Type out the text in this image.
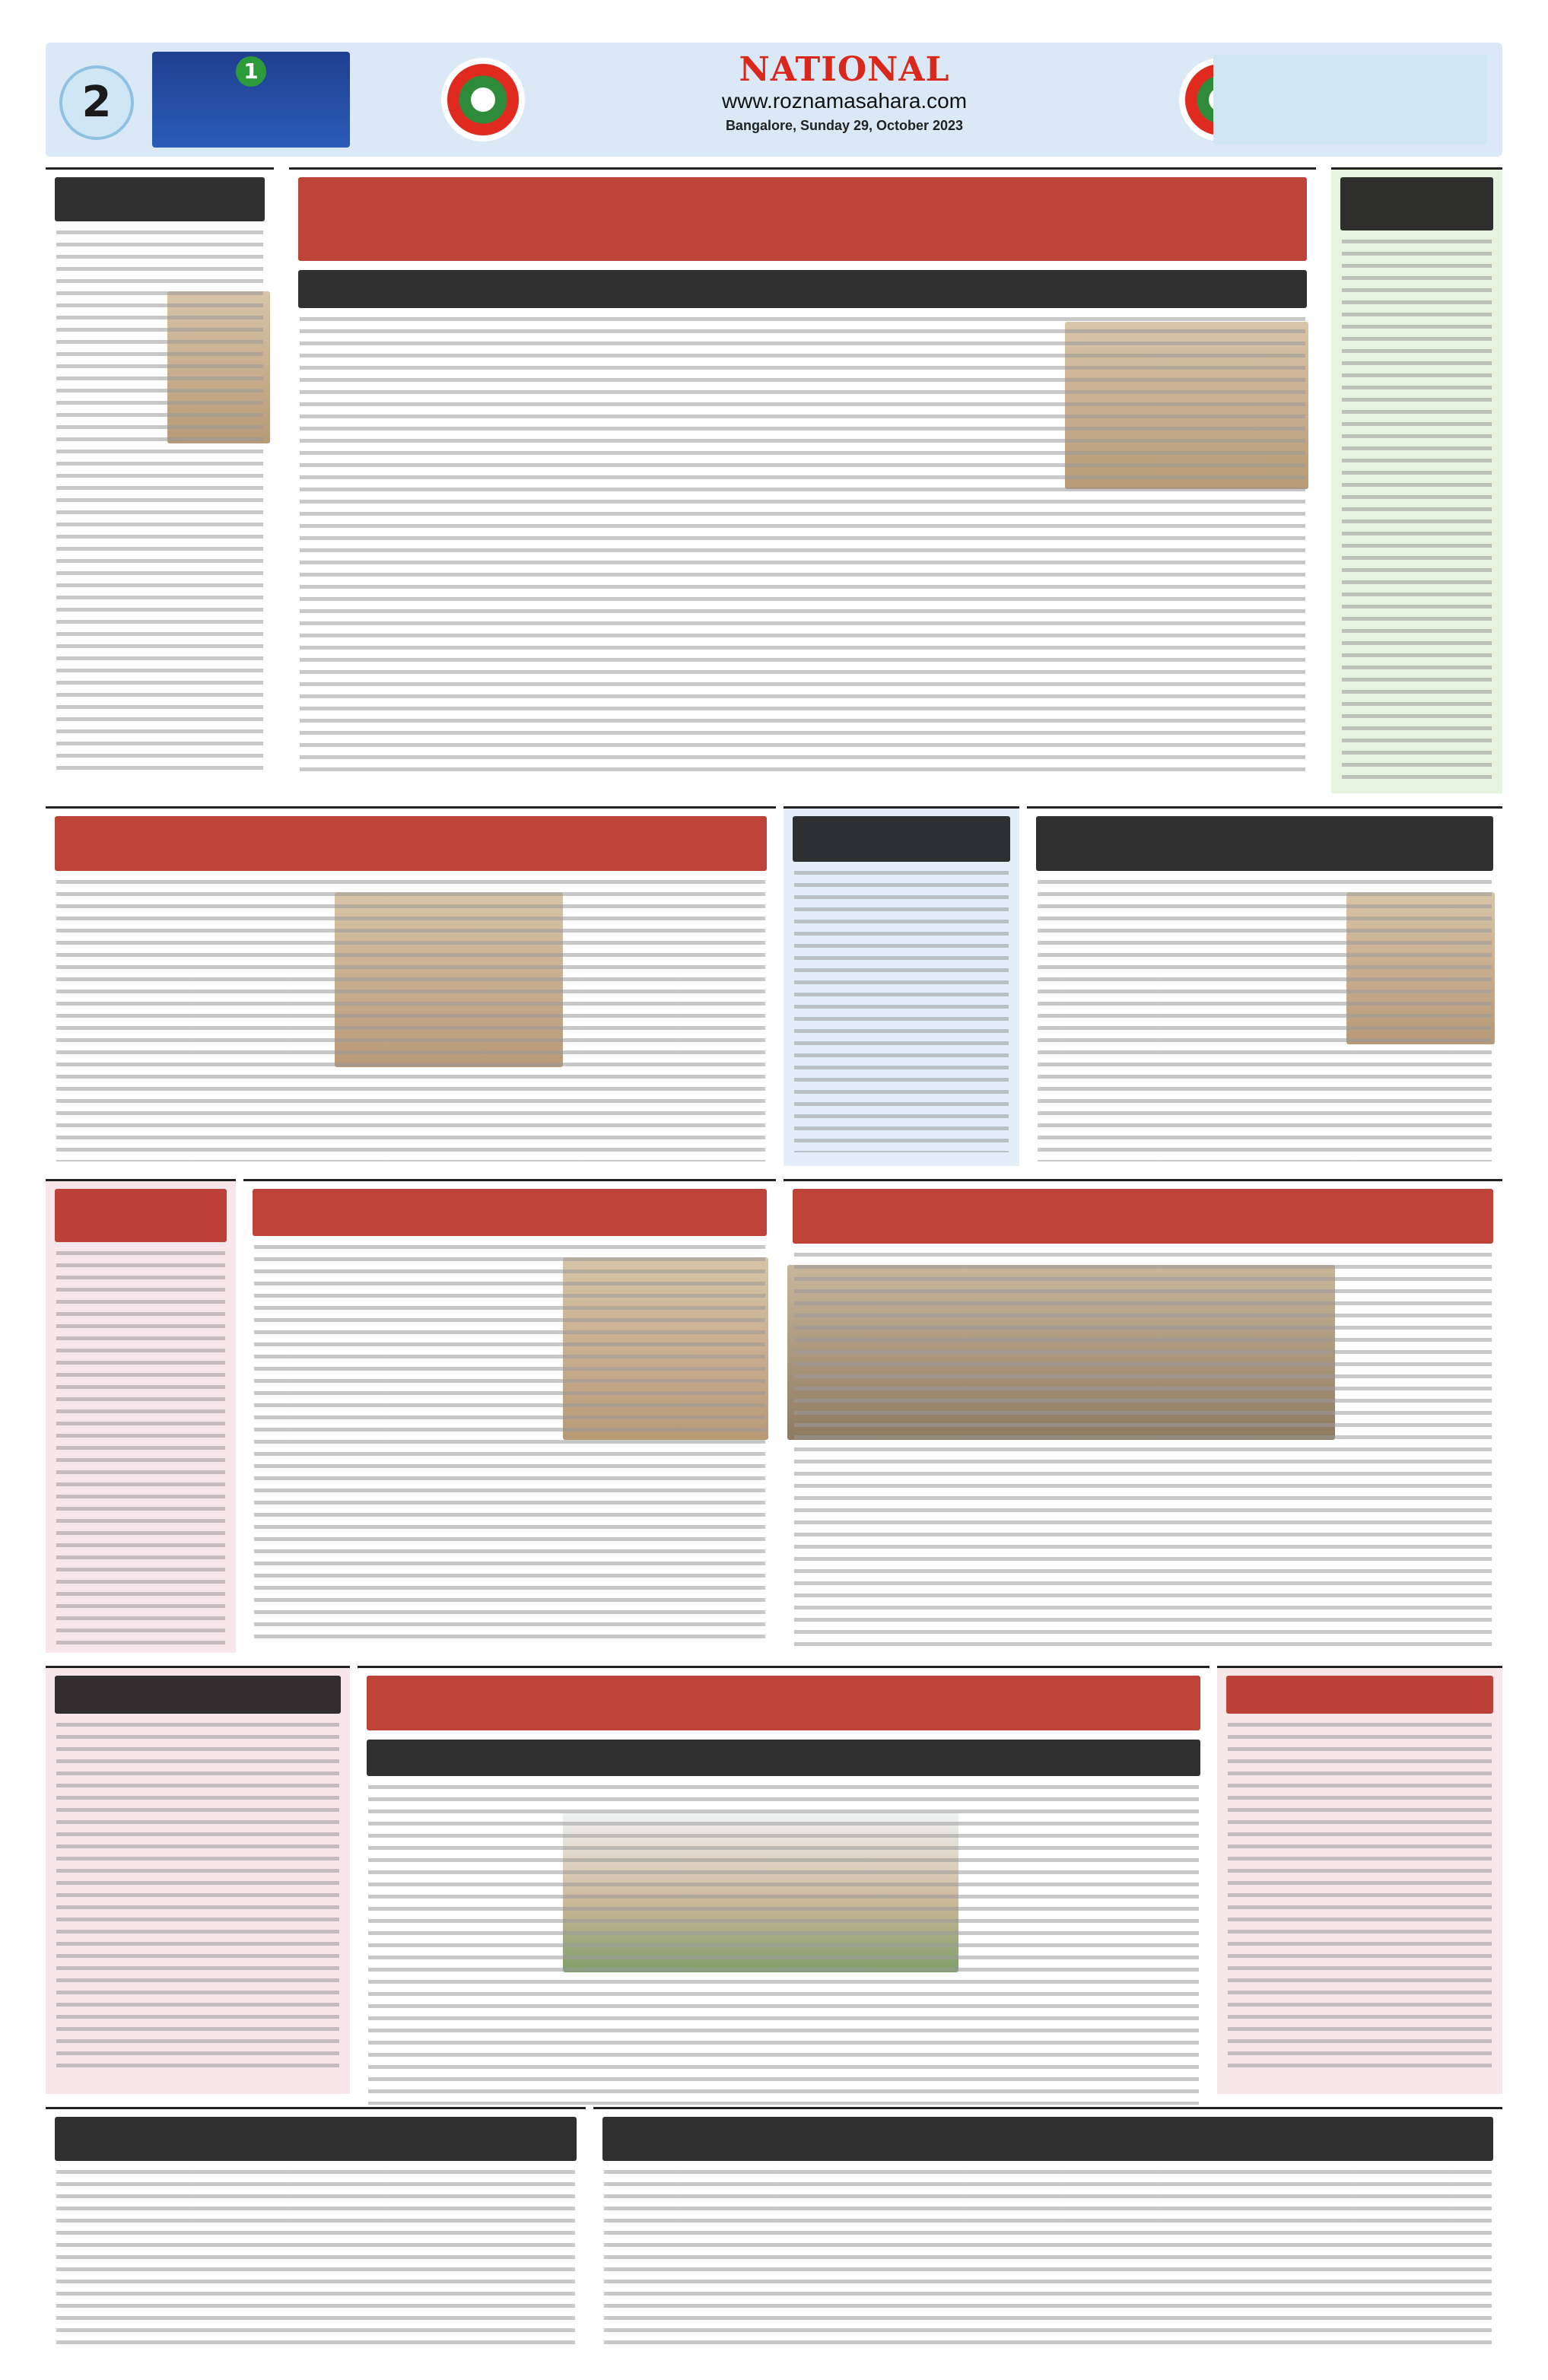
2
1	NATIONAL
www.roznamasahara.com
Bangalore, Sunday 29, October 2023
